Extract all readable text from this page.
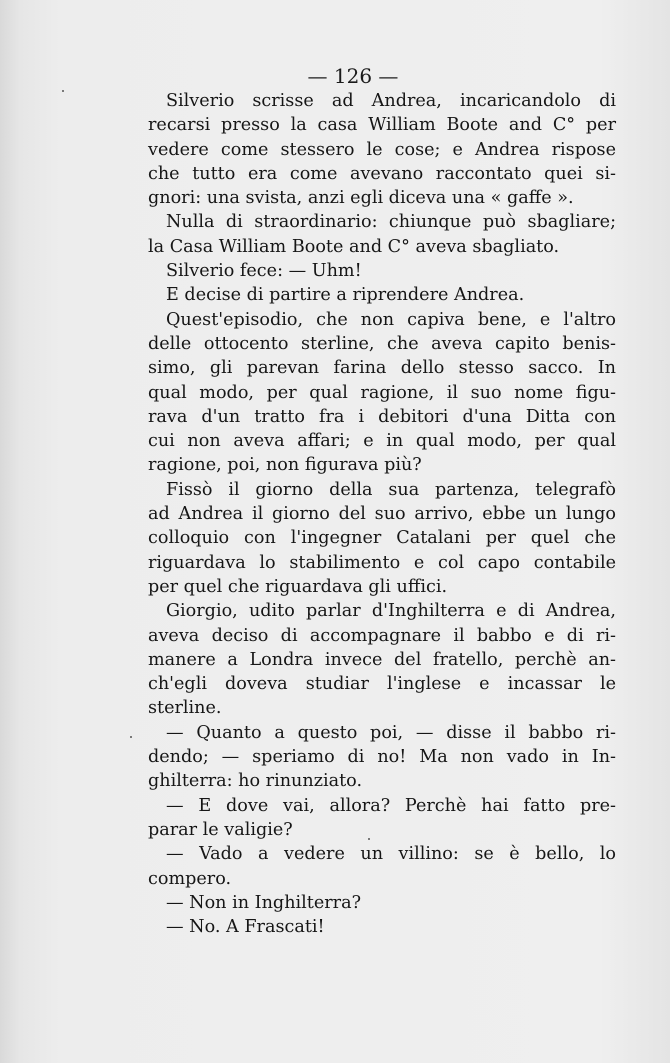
— 126 —
Silverio scrisse ad Andrea, incaricandolo di
recarsi presso la casa William Boote and C° per
vedere come stessero le cose; e Andrea rispose
che tutto era come avevano raccontato quei si-
gnori: una svista, anzi egli diceva una « gaffe ».
Nulla di straordinario: chiunque può sbagliare;
la Casa William Boote and C° aveva sbagliato.
Silverio fece: — Uhm!
E decise di partire a riprendere Andrea.
Quest'episodio, che non capiva bene, e l'altro
delle ottocento sterline, che aveva capito benis-
simo, gli parevan farina dello stesso sacco. In
qual modo, per qual ragione, il suo nome figu-
rava d'un tratto fra i debitori d'una Ditta con
cui non aveva affari; e in qual modo, per qual
ragione, poi, non figurava più?
Fissò il giorno della sua partenza, telegrafò
ad Andrea il giorno del suo arrivo, ebbe un lungo
colloquio con l'ingegner Catalani per quel che
riguardava lo stabilimento e col capo contabile
per quel che riguardava gli uffici.
Giorgio, udito parlar d'Inghilterra e di Andrea,
aveva deciso di accompagnare il babbo e di ri-
manere a Londra invece del fratello, perchè an-
ch'egli doveva studiar l'inglese e incassar le
sterline.
— Quanto a questo poi, — disse il babbo ri-
dendo; — speriamo di no! Ma non vado in In-
ghilterra: ho rinunziato.
— E dove vai, allora? Perchè hai fatto pre-
parar le valigie?
— Vado a vedere un villino: se è bello, lo
compero.
— Non in Inghilterra?
— No. A Frascati!
